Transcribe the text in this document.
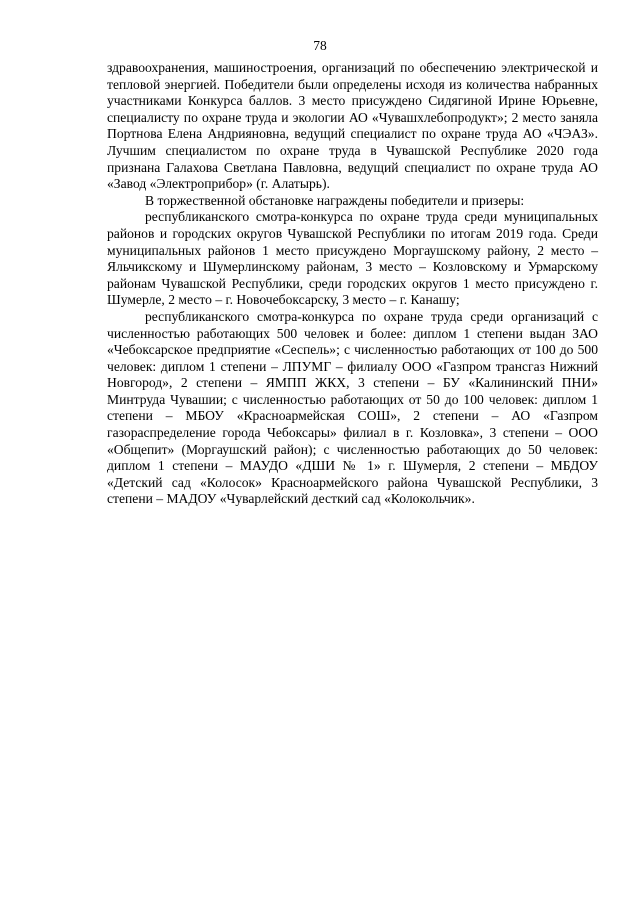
78

здравоохранения, машиностроения, организаций по обеспечению электрической и тепловой энергией. Победители были определены исходя из количества набранных участниками Конкурса баллов. 3 место присуждено Сидягиной Ирине Юрьевне, специалисту по охране труда и экологии АО «Чувашхлебопродукт»; 2 место заняла Портнова Елена Андрияновна, ведущий специалист по охране труда АО «ЧЭАЗ». Лучшим специалистом по охране труда в Чувашской Республике 2020 года признана Галахова Светлана Павловна, ведущий специалист по охране труда АО «Завод «Электроприбор» (г. Алатырь).

В торжественной обстановке награждены победители и призеры:

республиканского смотра-конкурса по охране труда среди муниципальных районов и городских округов Чувашской Республики по итогам 2019 года. Среди муниципальных районов 1 место присуждено Моргаушскому району, 2 место – Яльчикскому и Шумерлинскому районам, 3 место – Козловскому и Урмарскому районам Чувашской Республики, среди городских округов 1 место присуждено г. Шумерле, 2 место – г. Новочебоксарску, 3 место – г. Канашу;

республиканского смотра-конкурса по охране труда среди организаций с численностью работающих 500 человек и более: диплом 1 степени выдан ЗАО «Чебоксарское предприятие «Сеспель»; с численностью работающих от 100 до 500 человек: диплом 1 степени – ЛПУМГ – филиалу ООО «Газпром трансгаз Нижний Новгород», 2 степени – ЯМПП ЖКХ, 3 степени – БУ «Калининский ПНИ» Минтруда Чувашии; с численностью работающих от 50 до 100 человек: диплом 1 степени – МБОУ «Красноармейская СОШ», 2 степени – АО «Газпром газораспределение города Чебоксары» филиал в г. Козловка», 3 степени – ООО «Общепит» (Моргаушский район); с численностью работающих до 50 человек: диплом 1 степени – МАУДО «ДШИ № 1» г. Шумерля, 2 степени – МБДОУ «Детский сад «Колосок» Красноармейского района Чувашской Республики, 3 степени – МАДОУ «Чуварлейский десткий сад «Колокольчик».
